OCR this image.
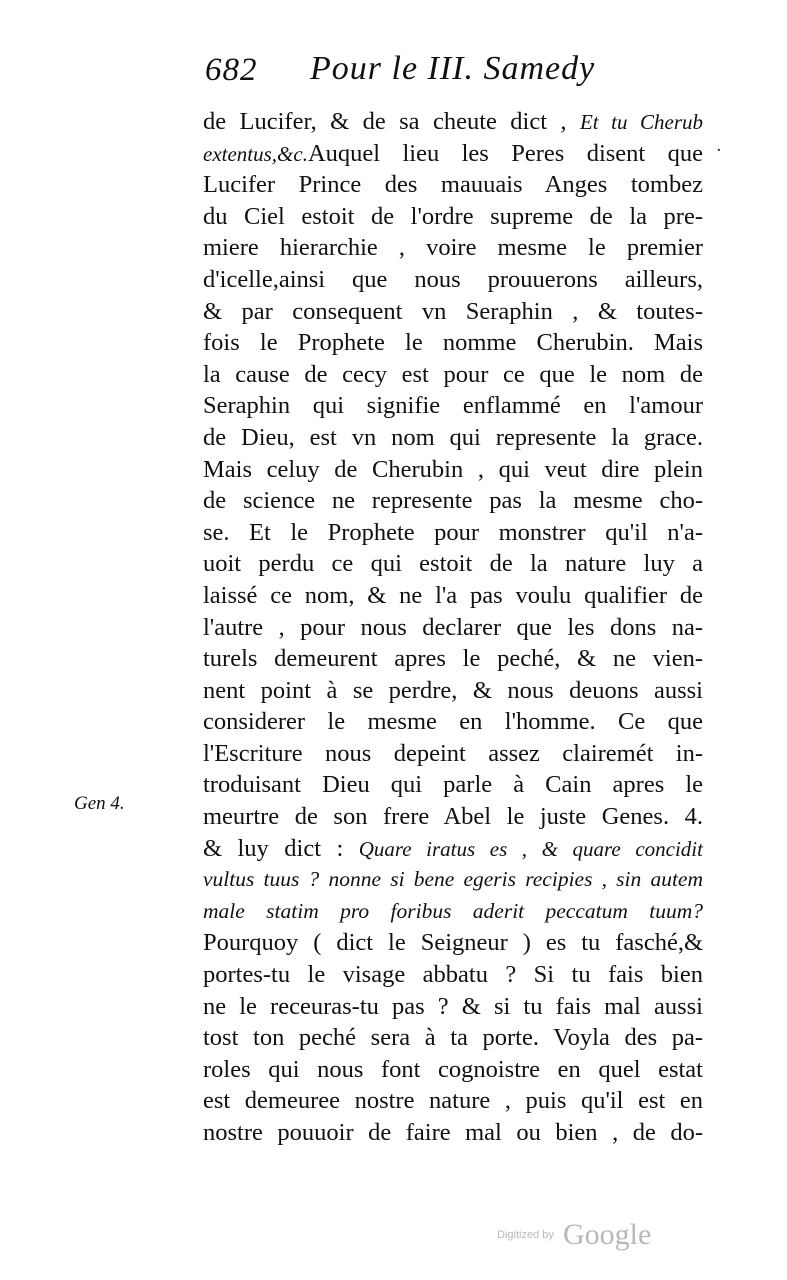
682 Pour le III. Samedy
Gen 4.
·
de Lucifer, & de sa cheute dict , Et tu Cherub
extentus,&c.Auquel lieu les Peres disent que
Lucifer Prince des mauuais Anges tombez
du Ciel estoit de l'ordre supreme de la pre-
miere hierarchie , voire mesme le premier
d'icelle,ainsi que nous prouuerons ailleurs,
& par consequent vn Seraphin , & toutes-
fois le Prophete le nomme Cherubin. Mais
la cause de cecy est pour ce que le nom de
Seraphin qui signifie enflammé en l'amour
de Dieu, est vn nom qui represente la grace.
Mais celuy de Cherubin , qui veut dire plein
de science ne represente pas la mesme cho-
se. Et le Prophete pour monstrer qu'il n'a-
uoit perdu ce qui estoit de la nature luy a
laissé ce nom, & ne l'a pas voulu qualifier de
l'autre , pour nous declarer que les dons na-
turels demeurent apres le peché, & ne vien-
nent point à se perdre, & nous deuons aussi
considerer le mesme en l'homme. Ce que
l'Escriture nous depeint assez clairemét in-
troduisant Dieu qui parle à Cain apres le
meurtre de son frere Abel le juste Genes. 4.
& luy dict : Quare iratus es , & quare concidit
vultus tuus ? nonne si bene egeris recipies , sin autem
male statim pro foribus aderit peccatum tuum?
Pourquoy ( dict le Seigneur ) es tu fasché,&
portes-tu le visage abbatu ? Si tu fais bien
ne le receuras-tu pas ? & si tu fais mal aussi
tost ton peché sera à ta porte. Voyla des pa-
roles qui nous font cognoistre en quel estat
est demeuree nostre nature , puis qu'il est en
nostre pouuoir de faire mal ou bien , de do-
Digitized by Google
